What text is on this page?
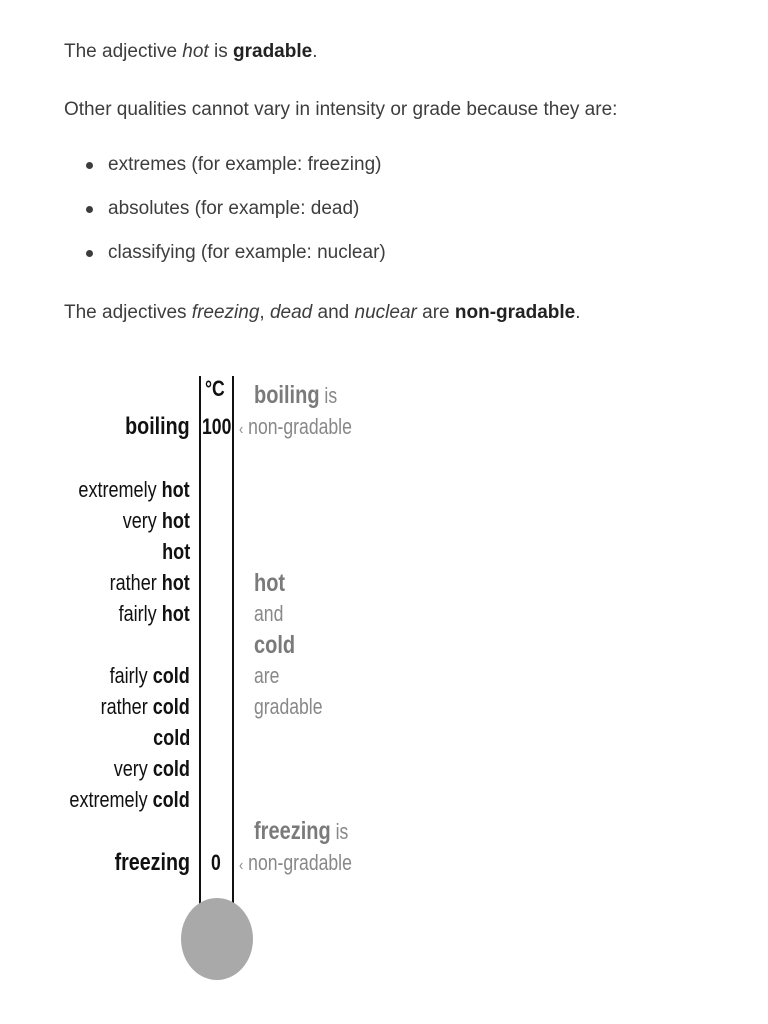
The adjective hot is gradable.
Other qualities cannot vary in intensity or grade because they are:
extremes (for example: freezing)
absolutes (for example: dead)
classifying (for example: nuclear)
The adjectives freezing, dead and nuclear are non-gradable.
boiling
extremely hot
very hot
hot
rather hot
fairly hot
fairly cold
rather cold
cold
very cold
extremely cold
freezing
°C
100
0
boiling is
‹ non-gradable
hot
and
cold
are
gradable
freezing is
‹ non-gradable
